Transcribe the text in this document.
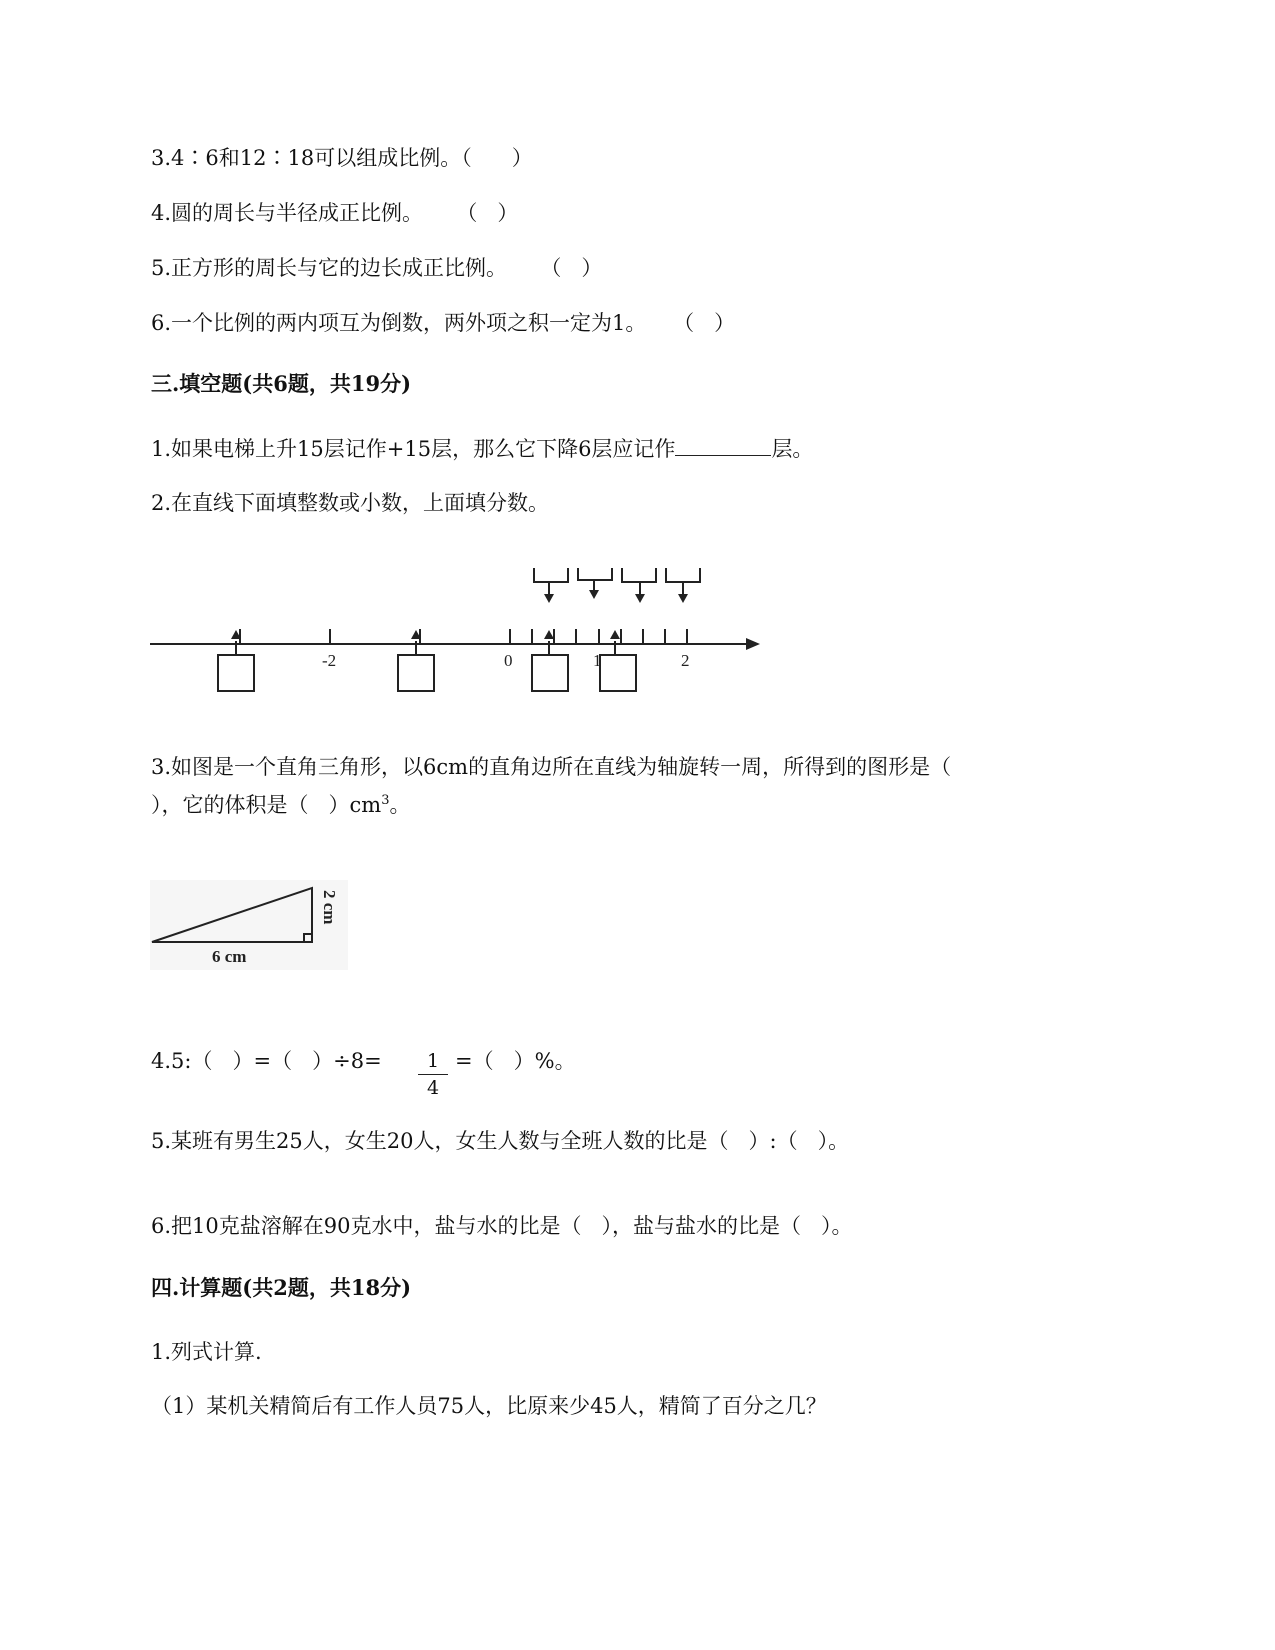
3.4∶6和12∶18可以组成比例。（      ）
4.圆的周长与半径成正比例。     （   ）
5.正方形的周长与它的边长成正比例。     （   ）
6.一个比例的两内项互为倒数，两外项之积一定为1。    （   ）
三.填空题(共6题，共19分)
1.如果电梯上升15层记作+15层，那么它下降6层应记作	层。
2.在直线下面填整数或小数，上面填分数。
-2	0	1	2
3.如图是一个直角三角形，以6cm的直角边所在直线为轴旋转一周，所得到的图形是（
），它的体积是（   ）$cm^3$。
6 cm
2 cm
4.5:（   ）=（   ）$\div 8= \frac{1}{4}$ =（   ）%。
5.某班有男生25人，女生20人，女生人数与全班人数的比是（   ）:（   ）。
6.把10克盐溶解在90克水中，盐与水的比是（   ），盐与盐水的比是（   ）。
四.计算题(共2题，共18分)
1.列式计算.
（1）某机关精简后有工作人员75人，比原来少45人，精简了百分之几？
